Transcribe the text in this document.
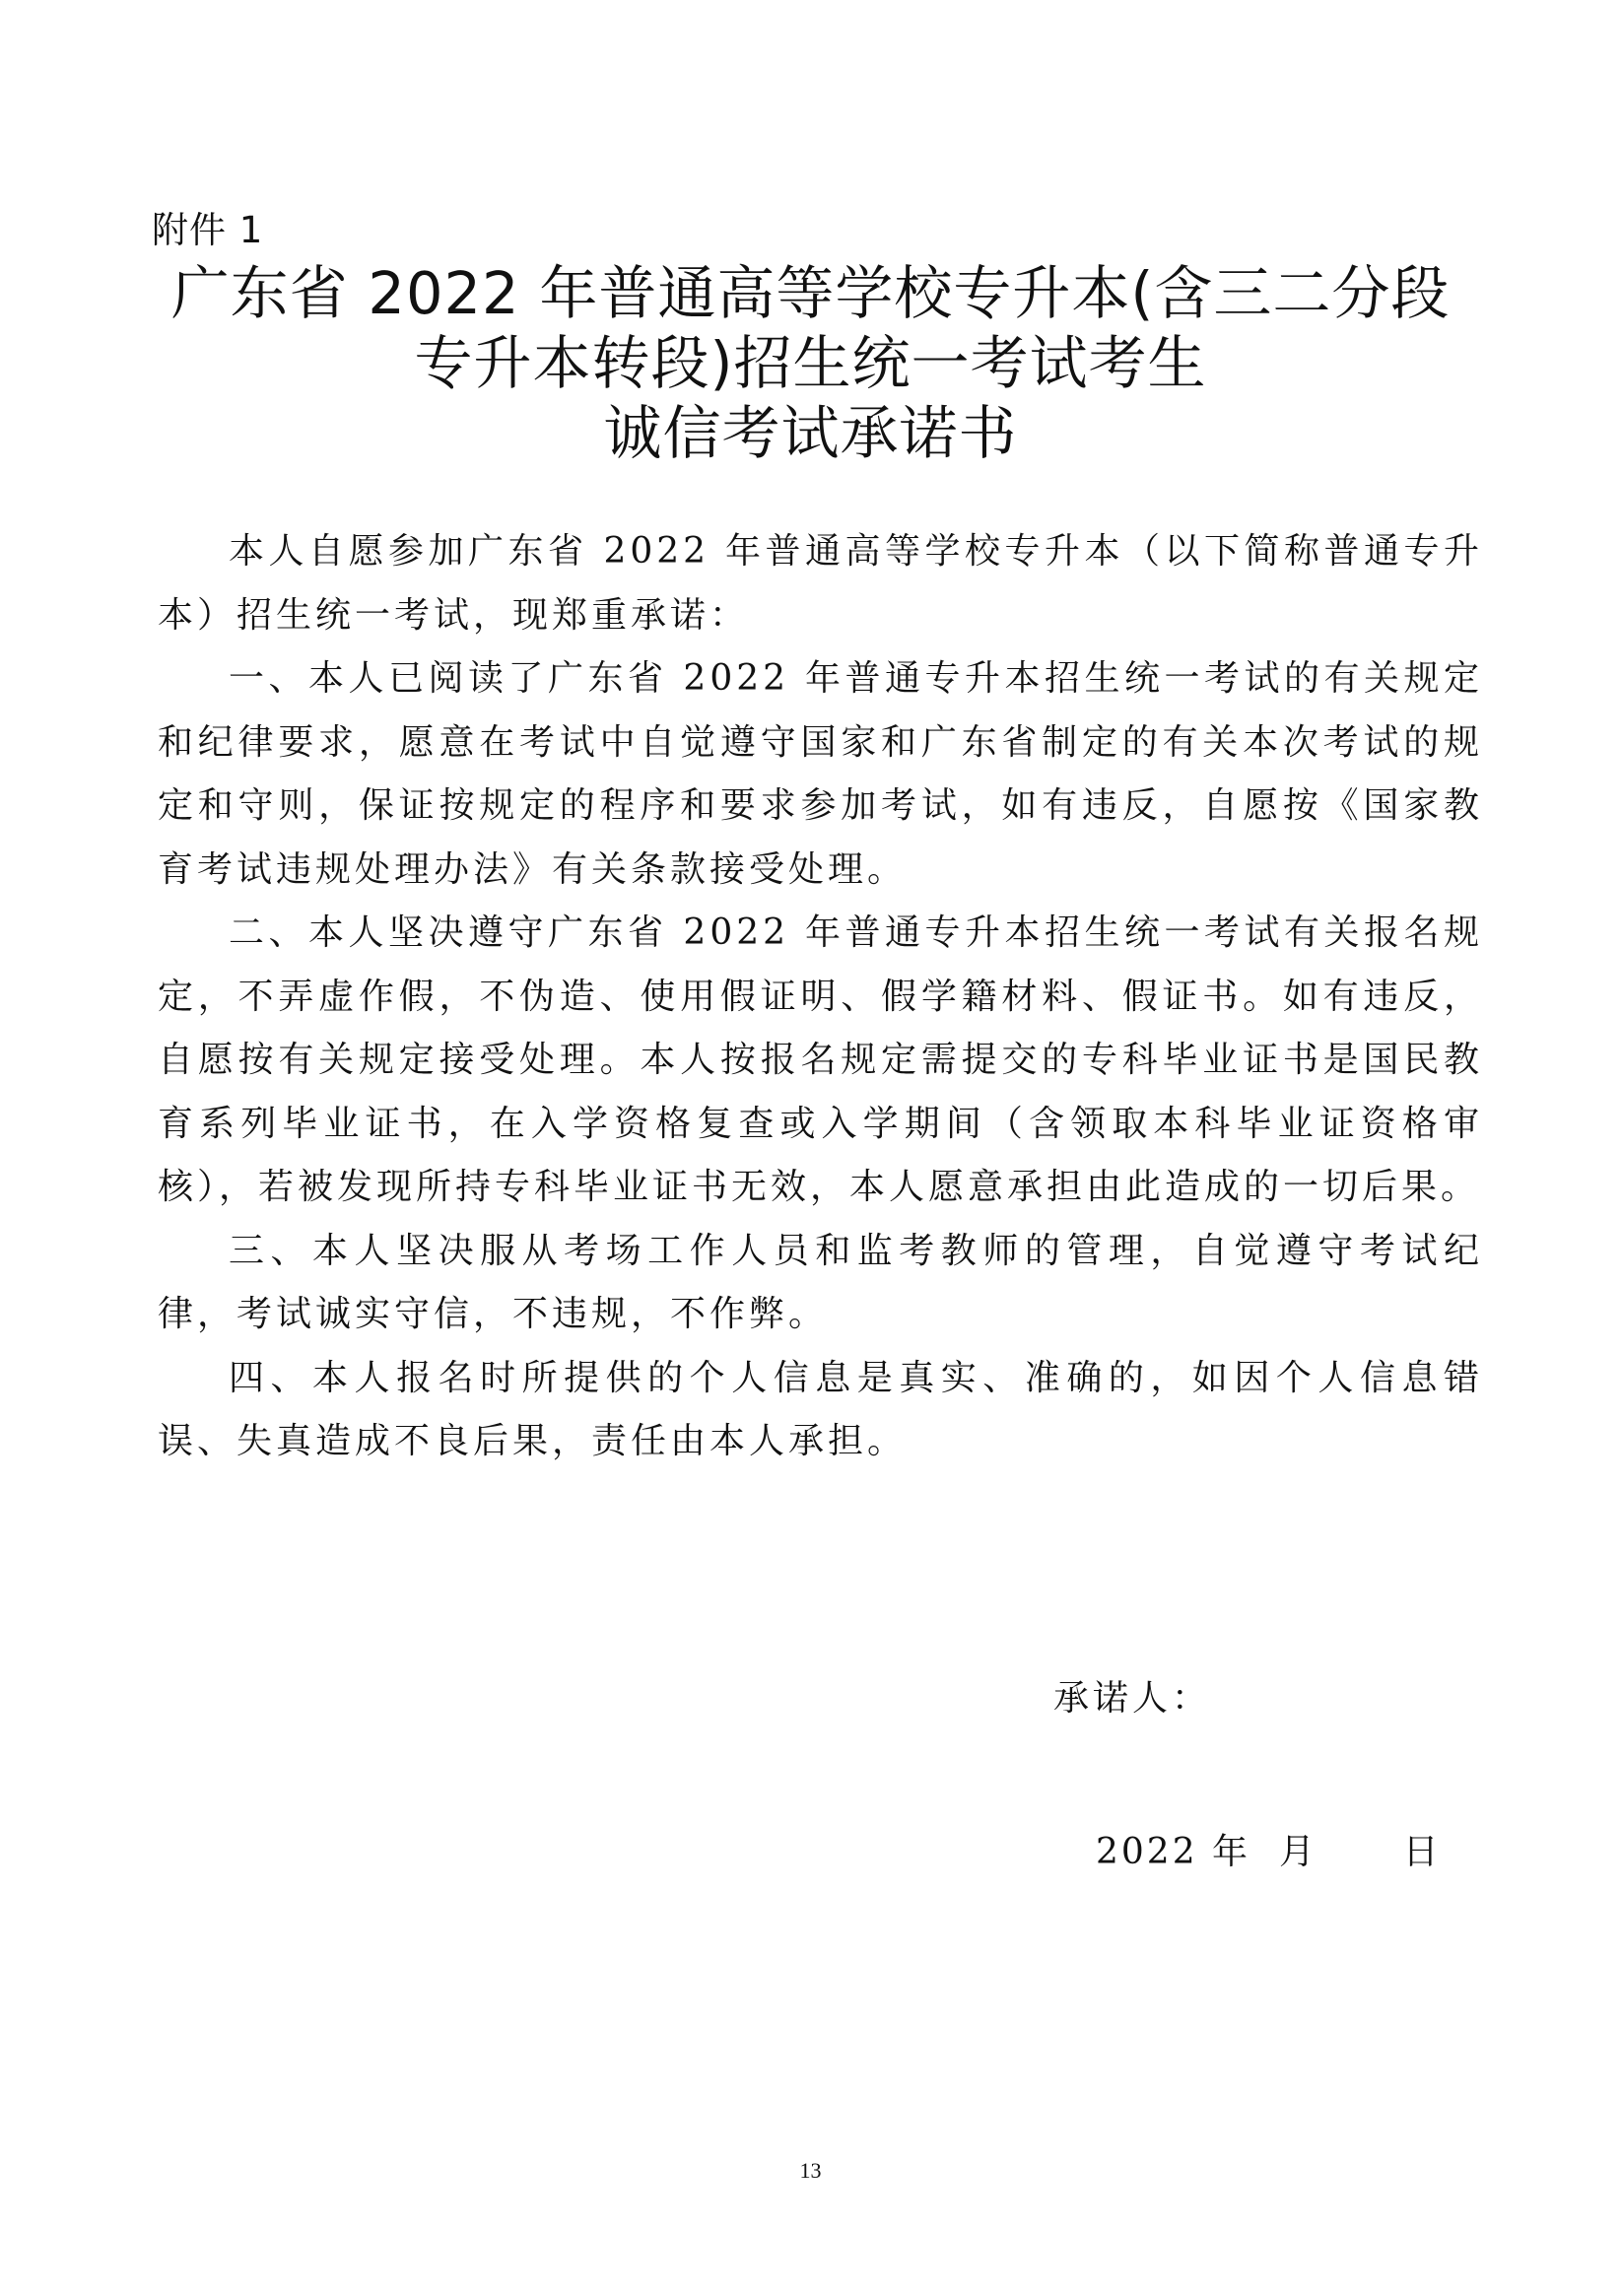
附件 1
广东省 2022 年普通高等学校专升本(含三二分段
专升本转段)招生统一考试考生
诚信考试承诺书

本人自愿参加广东省 2022 年普通高等学校专升本（以下简称普通专升本）招生统一考试，现郑重承诺：

一、本人已阅读了广东省 2022 年普通专升本招生统一考试的有关规定和纪律要求，愿意在考试中自觉遵守国家和广东省制定的有关本次考试的规定和守则，保证按规定的程序和要求参加考试，如有违反，自愿按《国家教育考试违规处理办法》有关条款接受处理。

二、本人坚决遵守广东省 2022 年普通专升本招生统一考试有关报名规定，不弄虚作假，不伪造、使用假证明、假学籍材料、假证书。如有违反，自愿按有关规定接受处理。本人按报名规定需提交的专科毕业证书是国民教育系列毕业证书，在入学资格复查或入学期间（含领取本科毕业证资格审核），若被发现所持专科毕业证书无效，本人愿意承担由此造成的一切后果。

三、本人坚决服从考场工作人员和监考教师的管理，自觉遵守考试纪律，考试诚实守信，不违规，不作弊。

四、本人报名时所提供的个人信息是真实、准确的，如因个人信息错误、失真造成不良后果，责任由本人承担。

承诺人：
2022 年  月      日
13
